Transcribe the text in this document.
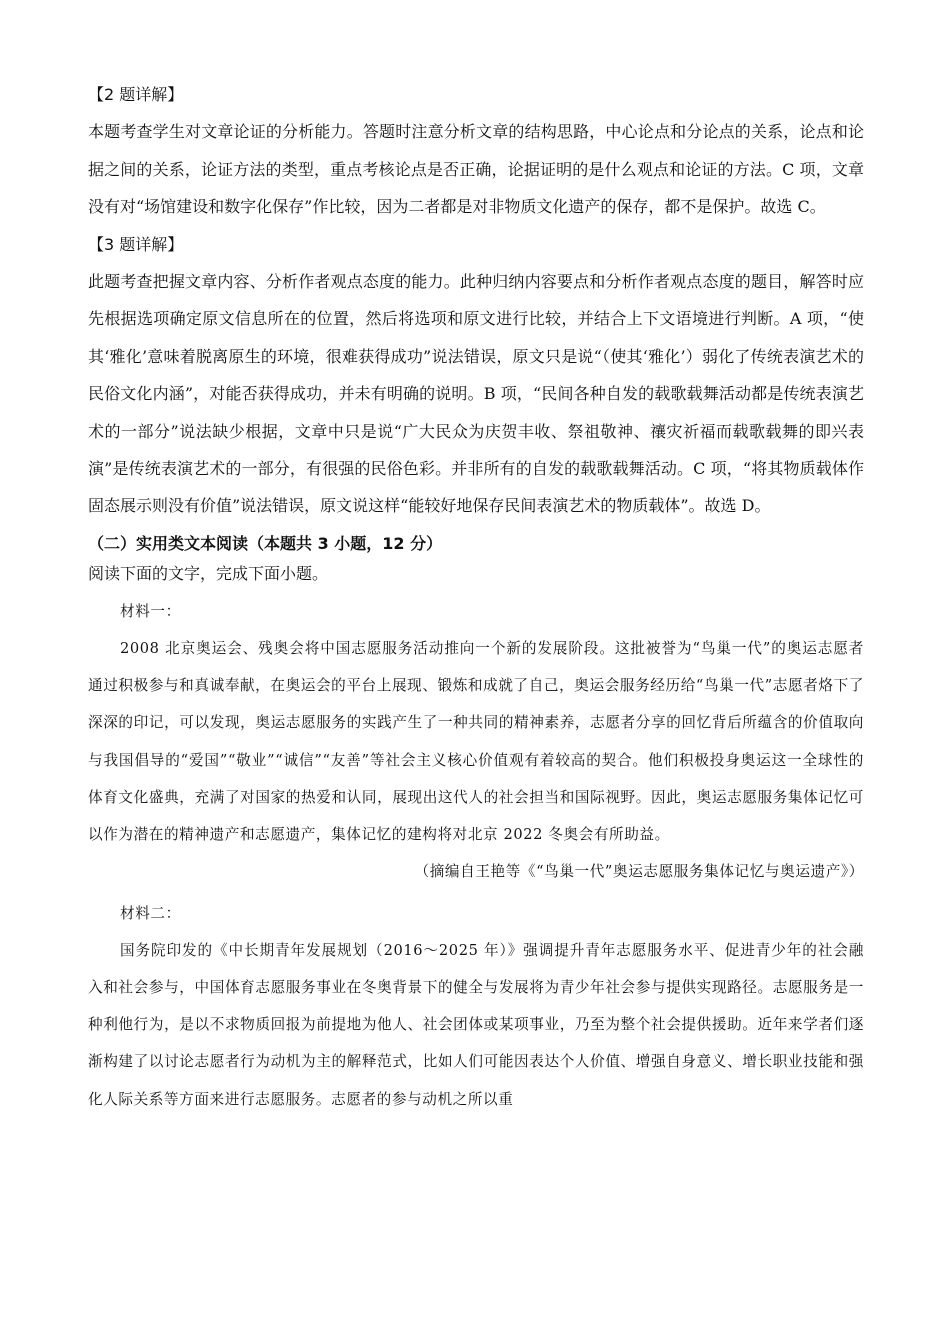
【2 题详解】

本题考查学生对文章论证的分析能力。答题时注意分析文章的结构思路，中心论点和分论点的关系，论点和论据之间的关系，论证方法的类型，重点考核论点是否正确，论据证明的是什么观点和论证的方法。C 项，文章没有对“场馆建设和数字化保存”作比较，因为二者都是对非物质文化遗产的保存，都不是保护。故选 C。

【3 题详解】

此题考查把握文章内容、分析作者观点态度的能力。此种归纳内容要点和分析作者观点态度的题目，解答时应先根据选项确定原文信息所在的位置，然后将选项和原文进行比较，并结合上下文语境进行判断。A 项，“使其‘雅化’意味着脱离原生的环境，很难获得成功”说法错误，原文只是说“（使其‘雅化’）弱化了传统表演艺术的民俗文化内涵”，对能否获得成功，并未有明确的说明。B 项，“民间各种自发的载歌载舞活动都是传统表演艺术的一部分”说法缺少根据，文章中只是说“广大民众为庆贺丰收、祭祖敬神、禳灾祈福而载歌载舞的即兴表演”是传统表演艺术的一部分，有很强的民俗色彩。并非所有的自发的载歌载舞活动。C 项，“将其物质载体作固态展示则没有价值”说法错误，原文说这样“能较好地保存民间表演艺术的物质载体”。故选 D。

（二）实用类文本阅读（本题共 3 小题，12 分）

阅读下面的文字，完成下面小题。

材料一：

2008 北京奥运会、残奥会将中国志愿服务活动推向一个新的发展阶段。这批被誉为“鸟巢一代”的奥运志愿者通过积极参与和真诚奉献，在奥运会的平台上展现、锻炼和成就了自己，奥运会服务经历给“鸟巢一代”志愿者烙下了深深的印记，可以发现，奥运志愿服务的实践产生了一种共同的精神素养，志愿者分享的回忆背后所蕴含的价值取向与我国倡导的“爱国”“敬业”“诚信”“友善”等社会主义核心价值观有着较高的契合。他们积极投身奥运这一全球性的体育文化盛典，充满了对国家的热爱和认同，展现出这代人的社会担当和国际视野。因此，奥运志愿服务集体记忆可以作为潜在的精神遗产和志愿遗产，集体记忆的建构将对北京 2022 冬奥会有所助益。

（摘编自王艳等《“鸟巢一代”奥运志愿服务集体记忆与奥运遗产》）

材料二：

国务院印发的《中长期青年发展规划（2016～2025 年）》强调提升青年志愿服务水平、促进青少年的社会融入和社会参与，中国体育志愿服务事业在冬奥背景下的健全与发展将为青少年社会参与提供实现路径。志愿服务是一种利他行为，是以不求物质回报为前提地为他人、社会团体或某项事业，乃至为整个社会提供援助。近年来学者们逐渐构建了以讨论志愿者行为动机为主的解释范式，比如人们可能因表达个人价值、增强自身意义、增长职业技能和强化人际关系等方面来进行志愿服务。志愿者的参与动机之所以重
